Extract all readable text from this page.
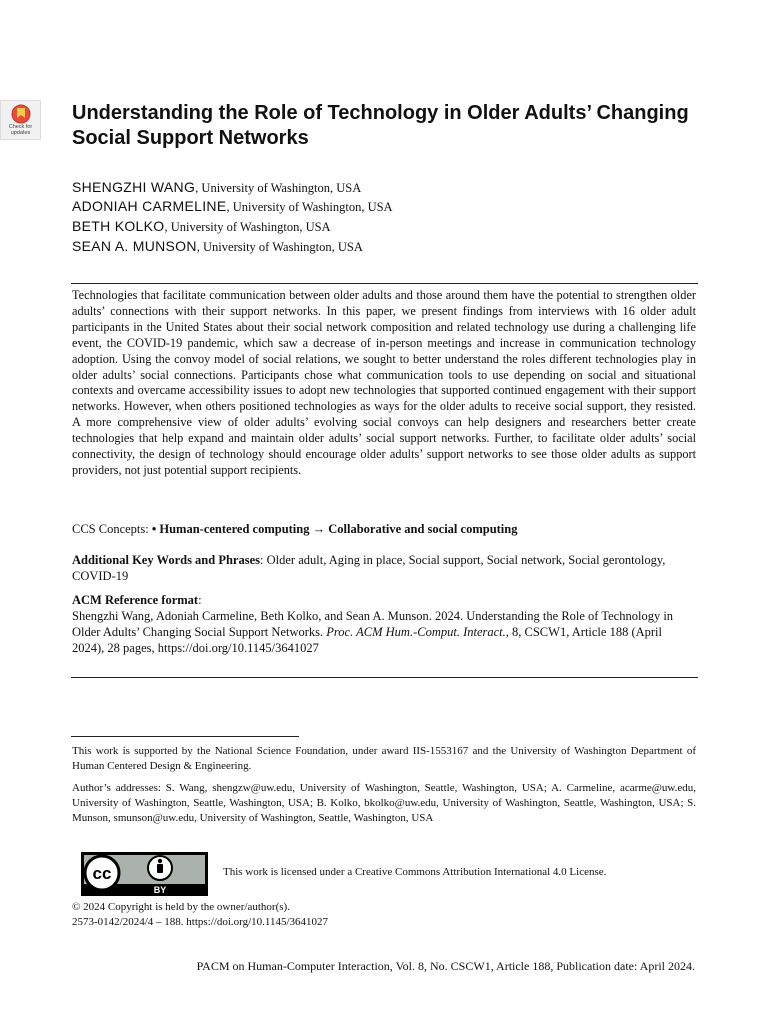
Check for
updates
Understanding the Role of Technology in Older Adults’ Changing Social Support Networks
SHENGZHI WANG, University of Washington, USA
ADONIAH CARMELINE, University of Washington, USA
BETH KOLKO, University of Washington, USA
SEAN A. MUNSON, University of Washington, USA

Technologies that facilitate communication between older adults and those around them have the potential to strengthen older adults’ connections with their support networks. In this paper, we present findings from interviews with 16 older adult participants in the United States about their social network composition and related technology use during a challenging life event, the COVID-19 pandemic, which saw a decrease of in-person meetings and increase in communication technology adoption. Using the convoy model of social relations, we sought to better understand the roles different technologies play in older adults’ social connections. Participants chose what communication tools to use depending on social and situational contexts and overcame accessibility issues to adopt new technologies that supported continued engagement with their support networks. However, when others positioned technologies as ways for the older adults to receive social support, they resisted. A more comprehensive view of older adults’ evolving social convoys can help designers and researchers better create technologies that help expand and maintain older adults’ social support networks. Further, to facilitate older adults’ social connectivity, the design of technology should encourage older adults’ support networks to see those older adults as support providers, not just potential support recipients.

CCS Concepts: • Human-centered computing → Collaborative and social computing

Additional Key Words and Phrases: Older adult, Aging in place, Social support, Social network, Social gerontology, COVID-19

ACM Reference format:
Shengzhi Wang, Adoniah Carmeline, Beth Kolko, and Sean A. Munson. 2024. Understanding the Role of Technology in Older Adults’ Changing Social Support Networks. Proc. ACM Hum.-Comput. Interact., 8, CSCW1, Article 188 (April 2024), 28 pages, https://doi.org/10.1145/3641027

This work is supported by the National Science Foundation, under award IIS-1553167 and the University of Washington Department of Human Centered Design & Engineering.

Author’s addresses: S. Wang, shengzw@uw.edu, University of Washington, Seattle, Washington, USA; A. Carmeline, acarme@uw.edu, University of Washington, Seattle, Washington, USA; B. Kolko, bkolko@uw.edu, University of Washington, Seattle, Washington, USA; S. Munson, smunson@uw.edu, University of Washington, Seattle, Washington, USA

cc
BY
This work is licensed under a Creative Commons Attribution International 4.0 License.
© 2024 Copyright is held by the owner/author(s).
2573-0142/2024/4 – 188. https://doi.org/10.1145/3641027
PACM on Human-Computer Interaction, Vol. 8, No. CSCW1, Article 188, Publication date: April 2024.
